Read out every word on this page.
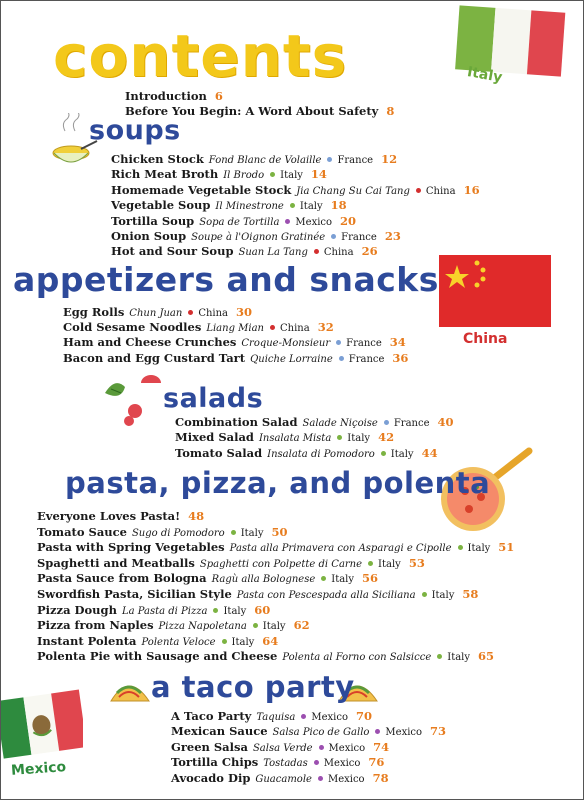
contents	Italy
China
Mexico
Introduction 6
Before You Begin: A Word About Safety 8
soups
appetizers and snacks
salads
pasta, pizza, and polenta
a taco party
Chicken Stock Fond Blanc de Volaille France 12
Rich Meat Broth Il Brodo Italy 14
Homemade Vegetable Stock Jia Chang Su Cai Tang China 16
Vegetable Soup Il Minestrone Italy 18
Tortilla Soup Sopa de Tortilla Mexico 20
Onion Soup Soupe à l'Oignon Gratinée France 23
Hot and Sour Soup Suan La Tang China 26
Egg Rolls Chun Juan China 30
Cold Sesame Noodles Liang Mian China 32
Ham and Cheese Crunches Croque-Monsieur France 34
Bacon and Egg Custard Tart Quiche Lorraine France 36
Combination Salad Salade Niçoise France 40
Mixed Salad Insalata Mista Italy 42
Tomato Salad Insalata di Pomodoro Italy 44
Everyone Loves Pasta! 48
Tomato Sauce Sugo di Pomodoro Italy 50
Pasta with Spring Vegetables Pasta alla Primavera con Asparagi e Cipolle Italy 51
Spaghetti and Meatballs Spaghetti con Polpette di Carne Italy 53
Pasta Sauce from Bologna Ragù alla Bolognese Italy 56
Swordfish Pasta, Sicilian Style Pasta con Pescespada alla Siciliana Italy 58
Pizza Dough La Pasta di Pizza Italy 60
Pizza from Naples Pizza Napoletana Italy 62
Instant Polenta Polenta Veloce Italy 64
Polenta Pie with Sausage and Cheese Polenta al Forno con Salsicce Italy 65
A Taco Party Taquisa Mexico 70
Mexican Sauce Salsa Pico de Gallo Mexico 73
Green Salsa Salsa Verde Mexico 74
Tortilla Chips Tostadas Mexico 76
Avocado Dip Guacamole Mexico 78
